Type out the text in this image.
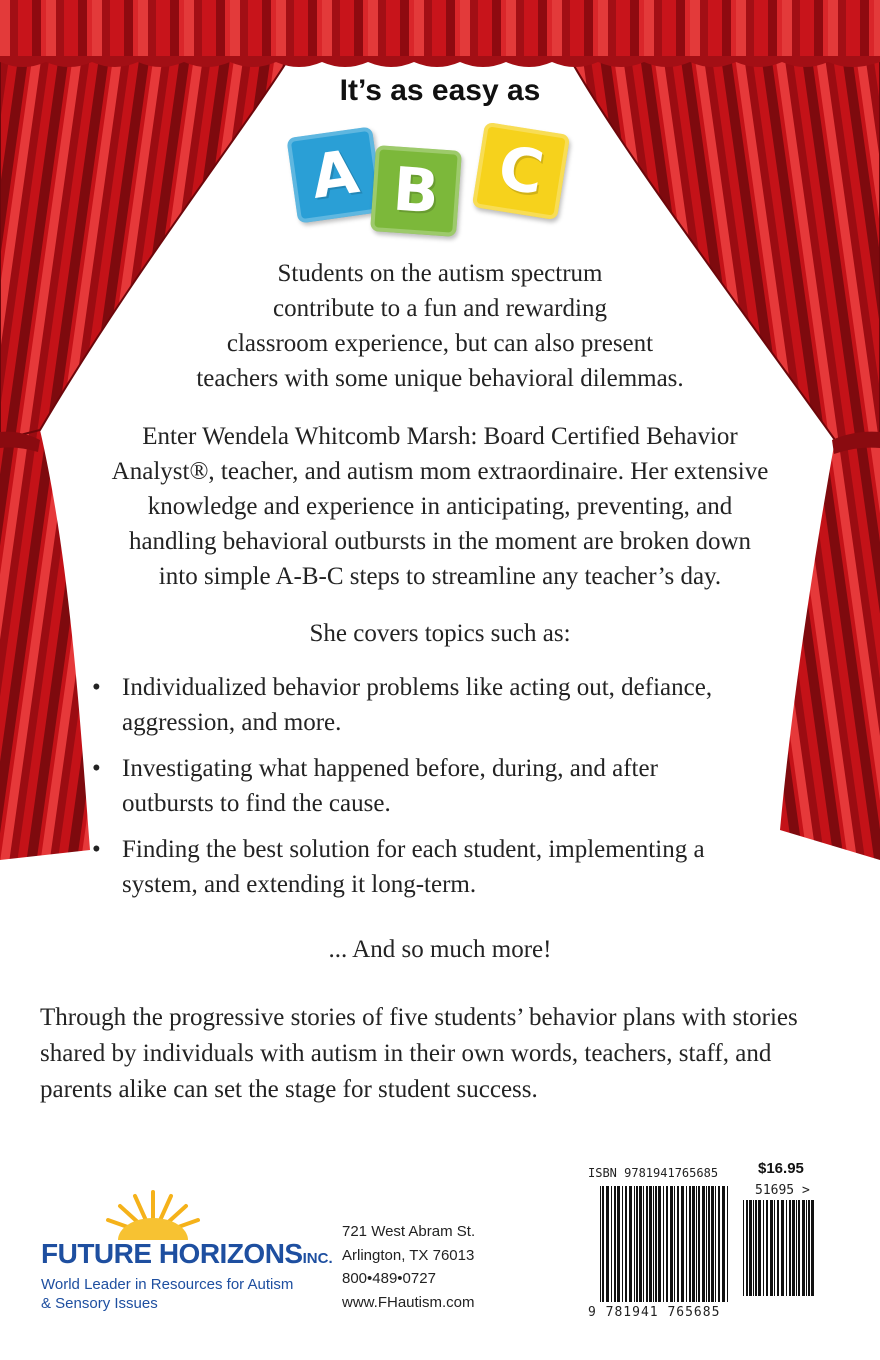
It’s as easy as
A B C
Students on the autism spectrum
contribute to a fun and rewarding
classroom experience, but can also present
teachers with some unique behavioral dilemmas.
Enter Wendela Whitcomb Marsh: Board Certified Behavior
Analyst®, teacher, and autism mom extraordinaire. Her extensive
knowledge and experience in anticipating, preventing, and
handling behavioral outbursts in the moment are broken down
into simple A-B-C steps to streamline any teacher’s day.
She covers topics such as:
• Individualized behavior problems like acting out, defiance,
aggression, and more.
• Investigating what happened before, during, and after
outbursts to find the cause.
• Finding the best solution for each student, implementing a
system, and extending it long-term.
... And so much more!
Through the progressive stories of five students’ behavior plans with stories
shared by individuals with autism in their own words, teachers, staff, and
parents alike can set the stage for student success.
FUTURE HORIZONSINC.
World Leader in Resources for Autism
& Sensory Issues
721 West Abram St.
Arlington, TX 76013
800•489•0727
www.FHautism.com
ISBN 9781941765685	$16.95
51695 >
9 781941 765685
